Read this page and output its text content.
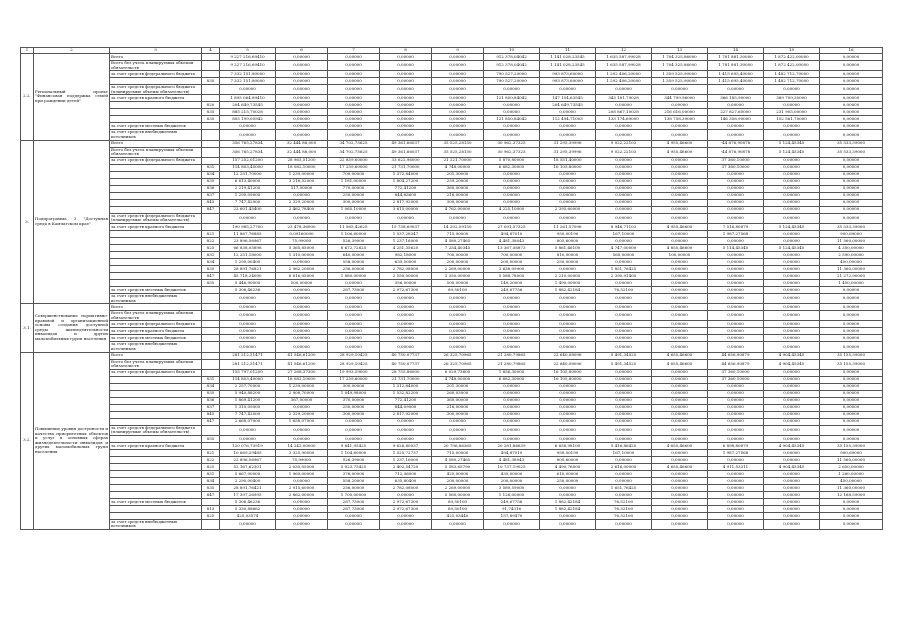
1	2	3	4	5	6	7	8	9	10	11	12	13	14	15	16
2.2.	Региональный проект "Финансовая поддержка семей при рождении детей"	Всего		9 227 216,69410	0,00000	0,00000	0,00000	0,00000	912 378,04042	1 141 028,23545	1 635 587,99028	1 704 325,86000	1 781 881,30000	1 872 422,00000	0,00000
		Всего без учета планируемых объемов обязательств		9 227 216,69410	0,00000	0,00000	0,00000	0,00000	912 378,04042	1 141 028,23545	1 635 587,99028	1 704 325,86000	1 781 881,30000	1 872 422,00000	0,00000
		за счет средств федерального бюджета		7 332 151,80000	0,00000	0,00000	0,00000	0,00000	790 527,20000	993 873,60000	1 292 406,20000	1 359 525,90000	1 415 695,40000	1 482 712,70000	0,00000
			835	7 332 151,80000	0,00000	0,00000	0,00000	0,00000	790 527,20000	993 873,60000	1 292 406,20000	1 359 525,90000	1 415 695,40000	1 482 712,70000	0,00000
		за счет средств федерального бюджета (планируемые объемы обязательств)		0,00000	0,00000	0,00000	0,00000	0,00000	0,00000	0,00000	0,00000	0,00000	0,00000	0,00000	0,00000
		за счет средств краевого бюджета		1 895 064,89410	0,00000	0,00000	0,00000	0,00000	121 850,84042	147 154,63545	343 181,79028	344 799,96000	366 185,90000	389 709,30000	0,00000
			820	204 649,73545	0,00000	0,00000	0,00000	0,00000	0,00000	204 649,73545	0,00000	0,00000	0,00000	0,00000	0,00000
			835	885 215,70028	0,00000	0,00000	0,00000	0,00000	0,00000	0,00000	208 867,10028	216 616,00000	227 827,60000	231 905,00000	0,00000
			835	805 199,05942	0,00000	0,00000	0,00000	0,00000	121 850,84042	112 494,71003	133 174,69000	138 758,39000	146 358,90000	152 561,70000	0,00000
		за счет средств местных бюджетов		0,00000	0,00000	0,00000	0,00000	0,00000	0,00000	0,00000	0,00000	0,00000	0,00000	0,00000	0,00000
		за счет средств внебюджетных источников		0,00000	0,00000	0,00000	0,00000	0,00000	0,00000	0,00000	0,00000	0,00000	0,00000	0,00000	0,00000
3.	Подпрограмма 3 "Доступная среда в Камчатском крае"	Всего		356 765,27834	32 444 88,000	34 702,75625	49 361,66037	35 525,28150	30 962,37325	31 295,39996	9 022,22103	4 955,46600	-44 876,90878	5 124,45345	35 533,39000
		Всего без учета планируемых объемов обязательств		356 765,27834	32 444 88,000	34 702,75625	49 361,66037	35 525,28150	30 962,37325	31 295,39996	9 022,22103	4 955,46600	-44 876,90878	5 124,45345	35 533,39000
		за счет средств федерального бюджета		157 252,01200	28 965,51200	22 859,60000	33 622,96000	21 221,70000	5 870,80000	18 551,40000	0,00000	0,00000	37 360,10000	0,00000	0,00000
			831	114 803,40000	18 082,10000	17 259,60000	21 731,70000	4 748,00000	6 682,30000	16 105,80000	0,00000	0,00000	37 360,10000	0,00000	0,00000
			834	12 251,70000	1 239,00000	700,00000	1 372,84000	201,30000	0,00000	0,00000	0,00000	0,00000	0,00000	0,00000	0,00000
			835	6 613,40000	3 216,52000	1 181,00000	1 804,27200	259,20000	0,00000	0,00000	0,00000	0,00000	0,00000	0,00000	0,00000
			836	2 219,41200	317,00000	770,00000	772,41200	360,00000	0,00000	0,00000	0,00000	0,00000	0,00000	0,00000	0,00000
			837	1 290,09000	0,00000	250,00000	844,63600	216,00000	0,00000	0,00000	0,00000	0,00000	0,00000	0,00000	0,00000
			845	7 747,42000	2 329,20000	300,00000	2 817,92000	300,00000	0,00000	0,00000	0,00000	0,00000	0,00000	0,00000	0,00000
			847	22 601,45400	2 462,78400	1 065,10000	3 615,00000	4 762,00000	4 225,10000	2 395,60000	0,00000	0,00000	0,00000	0,00000	0,00000
		за счет средств федерального бюджета (планируемые объемы обязательств)		0,00000	0,00000	0,00000	0,00000	0,00000	0,00000	0,00000	0,00000	0,00000	0,00000	0,00000	0,00000
		за счет средств краевого бюджета		190 985,27700	23 478,36000	11 565,42625	15 738,69037	14 202,59150	27 091,57325	11 261,57096	8 946,71103	4 955,46600	7 516,80879	5 124,45345	35 533,39000
			821	11 867,76885	0,09160000	1 106,60000	1 537,28347	715,00000	494,87010	950,00190	167,10000	0,00000	1 987,27568	0,00000	900,69000
			822	23 896,56967	75,99000	526,39000	1 237,16000	4 580,27465	4 481,38043	805,60000	0,00000	0,00000	0,00000	0,00000	11 560,00000
			825	66 838,05898	5 365,85000	6 672,72625	4 251,35620	7 254,40345	13 367,56873	5 861,46100	4 747,00000	4 855,46600	5 114,45345	5 124,45345	4 350,00000
			831	12 251,18000	1 310,00000	640,00000	982,18000	700,00000	700,00000	810,00000	560,00000	100,00000	0,00000	0,00000	2 590,00000
			834	1 290,00400	0,00000	558,00000	635,50000	200,00000	200,00000	250,00000	0,00000	0,00000	0,00000	0,00000	450,00000
			835	28 891,76821	2 962,20000	256,00000	2 782,08000	2 269,00000	3 638,09900	0,00000	1 851,76425	0,00000	0,00000	0,00000	11 360,00000
			847	45 718,24090	6 616,05000	1 880,00000	2 550,00000	3 350,00000	5 588,78000	2 210,00000	2 390,91400	0,00000	0,00000	0,00000	21 272,90000
			855	5 446,90000	500,00000	0,00000	356,00000	500,00000	149,20000	1 490,00000	0,00000	0,00000	0,00000	0,00000	1 450,00000
		за счет средств местных бюджетов		5 306,46236	0,00000	287,73000	2 972,67300	89,50100	249,67756	1 882,42184	76,52100	0,00000	0,00000	0,00000	0,00000
		за счет средств внебюджетных источников		0,00000	0,00000	0,00000	0,00000	0,00000	0,00000	0,00000	0,00000	0,00000	0,00000	0,00000	0,00000
3.1.	Совершенствование нормативно-правовой и организационной основы создания доступной среды жизнедеятельности инвалидов и других маломобильных групп населения	Всего		0,00000	0,00000	0,00000	0,00000	0,00000	0,00000	0,00000	0,00000	0,00000	0,00000	0,00000	0,00000
		Всего без учета планируемых объемов обязательств		0,00000	0,00000	0,00000	0,00000	0,00000	0,00000	0,00000	0,00000	0,00000	0,00000	0,00000	0,00000
		за счет средств федерального бюджета		0,00000	0,00000	0,00000	0,00000	0,00000	0,00000	0,00000	0,00000	0,00000	0,00000	0,00000	0,00000
		за счет средств краевого бюджета		0,00000	0,00000	0,00000	0,00000	0,00000	0,00000	0,00000	0,00000	0,00000	0,00000	0,00000	0,00000
		за счет средств местных бюджетов		0,00000	0,00000	0,00000	0,00000	0,00000	0,00000	0,00000	0,00000	0,00000	0,00000	0,00000	0,00000
		за счет средств внебюджетных источников		0,00000	0,00000	0,00000	0,00000	0,00000	0,00000	0,00000	0,00000	0,00000	0,00000	0,00000	0,00000
3.2.	Повышение уровня доступности и качества приоритетных объектов и услуг в основных сферах жизнедеятельности инвалидов и других маломобильных групп населения	Всего		281 212,51471	41 546,61200	28 929,10425	40 750,07737	26 325,70965	21 280,79865	22 640,08096	5 491,34525	4 655,46600	44 656,90879	4 904,45345	35 155,39000
		Всего без учета планируемых объемов обязательств		281 212,51471	41 546,61200	28 929,10425	40 750,07737	26 325,70965	21 280,79865	22 640,08096	5 491,34525	4 655,46600	44 656,90879	4 904,45345	35 155,39000
		за счет средств федерального бюджета		155 797,01200	27 268,37300	19 993,59000	28 755,86000	6 029,73600	1 656,30000	16 105,80000	0,00000	0,00000	37 360,10000	0,00000	0,00000
			831	114 803,40000	18 082,10000	17 259,60000	21 731,70000	4 748,00000	6 682,30000	16 105,80000	0,00000	0,00000	37 360,10000	0,00000	0,00000
			834	2 257,70000	1 239,00000	300,00000	1 312,84000	201,30000	0,00000	0,00000	0,00000	0,00000	0,00000	0,00000	0,00000
			835	5 940,88200	2 908,70000	1 049,98000	1 532,82200	260,03000	0,00000	0,00000	0,00000	0,00000	0,00000	0,00000	0,00000
			836	1 869,41200	367,00000	370,00000	772,41200	360,00000	0,00000	0,00000	0,00000	0,00000	0,00000	0,00000	0,00000
			837	1 310,09000	0,00000	250,00000	844,09000	216,00000	0,00000	0,00000	0,00000	0,00000	0,00000	0,00000	0,00000
			845	7 747,42000	2 329,20000	300,00000	2 817,92000	300,00000	0,00000	0,00000	0,00000	0,00000	0,00000	0,00000	0,00000
			847	2 668,07000	1 658,07000	0,00000	0,00000	0,00000	0,00000	0,00000	0,00000	0,00000	0,00000	0,00000	0,00000
		за счет средств федерального бюджета (планируемые объемы обязательств)		0,00000	0,00000	0,00000	0,00000	0,00000	0,00000	0,00000	0,00000	0,00000	0,00000	0,00000	0,00000
			855	0,00000	0,00000	0,00000	0,00000	0,00000	0,00000	0,00000	0,00000	0,00000	0,00000	0,00000	0,00000
		за счет средств краевого бюджета		120 076,73919	14 242,00000	9 641,95425	9 626,80037	20 796,86365	20 281,86639	6 658,98100	5 416,86425	4 655,46600	6 898,80879	4 904,45345	35 155,39000
			821	10 669,29485	3 325,90000	1 104,60000	1 525,72737	715,00000	494,87010	950,00190	167,10000	0,00000	1 987,27568	0,00000	900,69000
			822	22 896,56967	75,99000	526,39000	1 237,16000	4 580,27465	4 481,38043	805,60000	0,00000	0,00000	0,00000	0,00000	11 560,00000
			825	52 167,62301	2 035,05000	5 023,75425	2 402,54720	5 583,65790	10 737,19025	4 490,76000	2 616,00000	4 655,46600	4 911,53311	4 904,45345	2 650,00000
			831	5 667,00000	1 965,00000	376,00000	712,36000	425,00000	435,00000	610,00000	0,00000	0,00000	0,00000	0,00000	1 260,00000
			834	2 290,00400	0,00000	558,20000	635,80400	200,00000	200,00000	250,00000	0,00000	0,00000	0,00000	0,00000	450,00000
			835	28 891,76421	2 915,60000	256,00000	2 782,08000	2 269,00000	3 589,59000	0,00000	1 651,76425	0,00000	0,00000	0,00000	11 360,00000
			847	17 397,26995	2 862,00000	1 700,00000	0,00000	5 560,00000	1 126,00000	0,00000	0,00000	0,00000	0,00000	0,00000	12 168,59000
		за счет средств местных бюджетов		5 306,46236	0,00000	287,73000	2 972,67300	89,50100	249,67756	1 882,42184	76,52100	0,00000	0,00000	0,00000	0,00000
			813	5 330,88662	0,00000	287,73000	2 972,67300	89,50100	91,74316	1 882,42184	76,52100	0,00000	0,00000	0,00000	0,00000
			825	425,03574	0,00000	0,00000	0,00000	421,03440	157,89470	0,00000	76,52100	0,00000	0,00000	0,00000	0,00000
		за счет средств внебюджетных источников		0,00000	0,00000	0,00000	0,00000	0,00000	0,00000	0,00000	0,00000	0,00000	0,00000	0,00000	0,00000
